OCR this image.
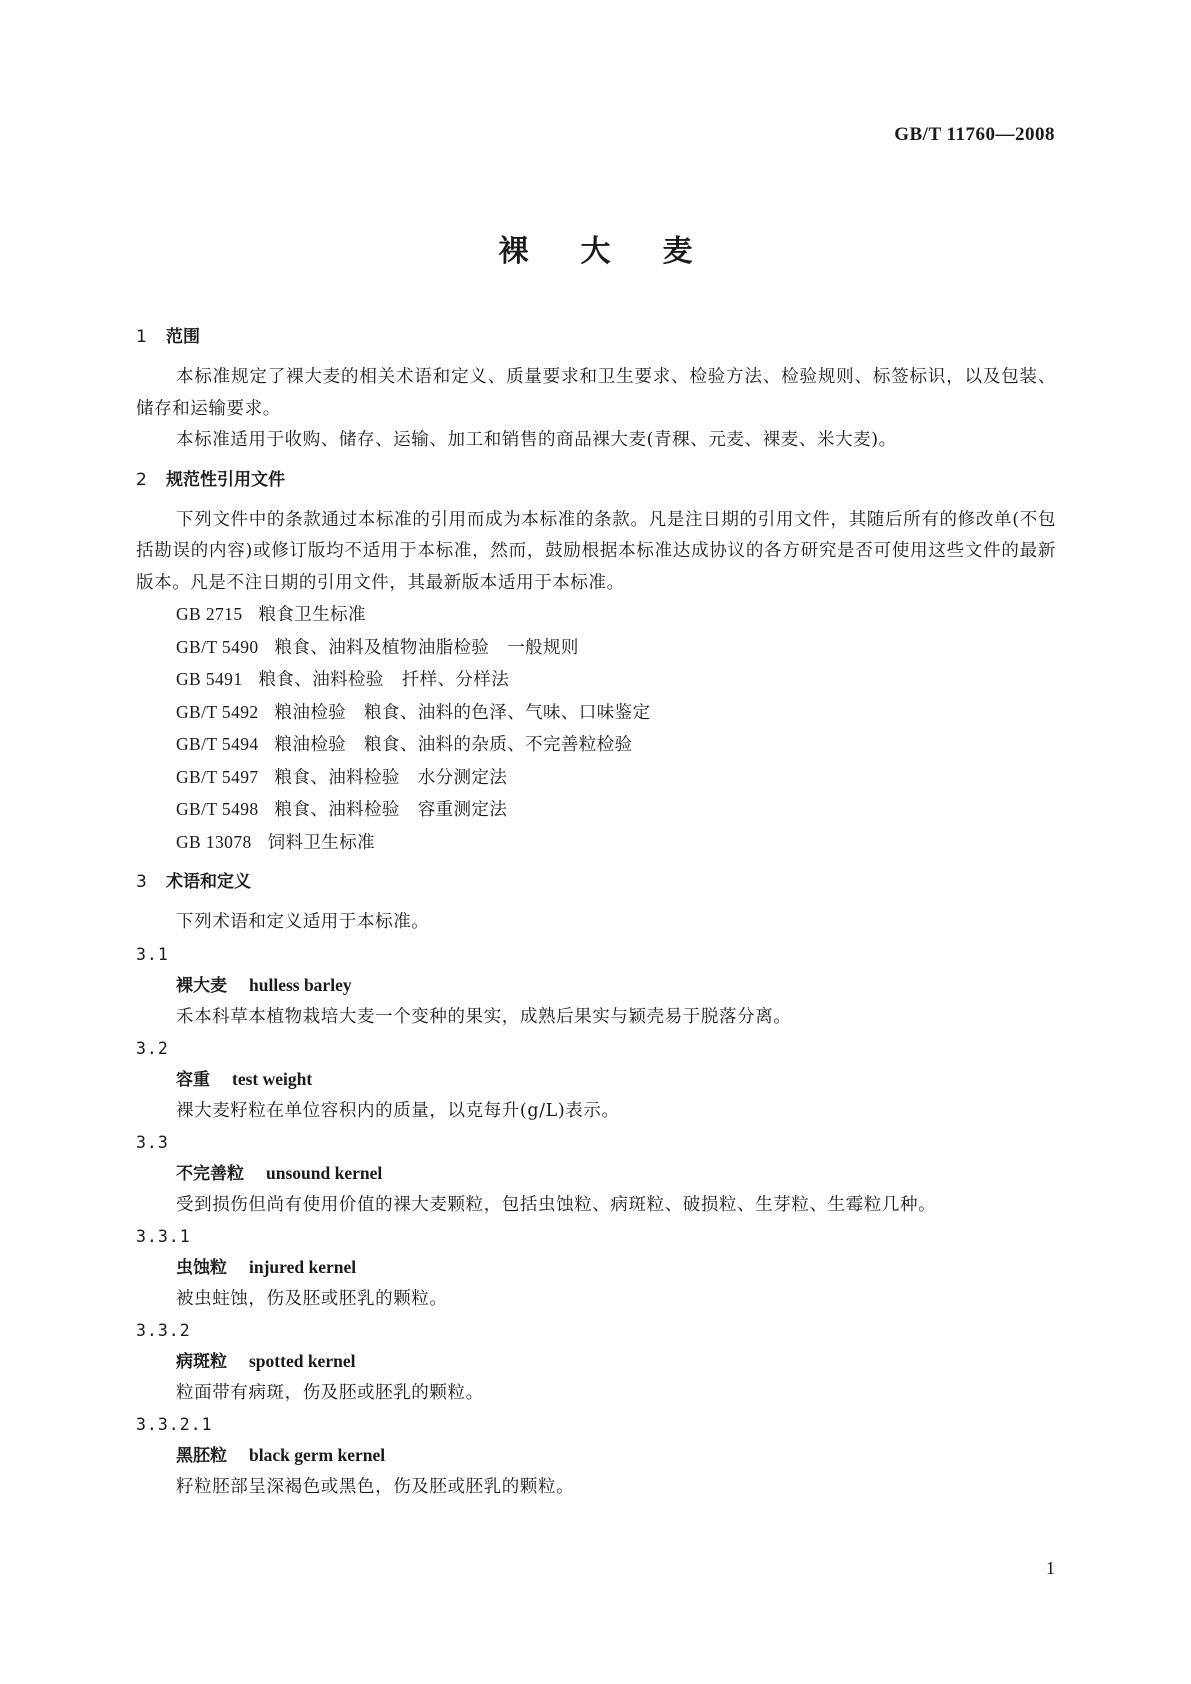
GB/T 11760—2008
裸大麦
1 范围
本标准规定了裸大麦的相关术语和定义、质量要求和卫生要求、检验方法、检验规则、标签标识，以及包装、储存和运输要求。
本标准适用于收购、储存、运输、加工和销售的商品裸大麦(青稞、元麦、裸麦、米大麦)。
2 规范性引用文件
下列文件中的条款通过本标准的引用而成为本标准的条款。凡是注日期的引用文件，其随后所有的修改单(不包括勘误的内容)或修订版均不适用于本标准，然而，鼓励根据本标准达成协议的各方研究是否可使用这些文件的最新版本。凡是不注日期的引用文件，其最新版本适用于本标准。
GB 2715 粮食卫生标准
GB/T 5490 粮食、油料及植物油脂检验　一般规则
GB 5491 粮食、油料检验　扦样、分样法
GB/T 5492 粮油检验　粮食、油料的色泽、气味、口味鉴定
GB/T 5494 粮油检验　粮食、油料的杂质、不完善粒检验
GB/T 5497 粮食、油料检验　水分测定法
GB/T 5498 粮食、油料检验　容重测定法
GB 13078 饲料卫生标准
3 术语和定义
下列术语和定义适用于本标准。
3.1
裸大麦 hulless barley
禾本科草本植物栽培大麦一个变种的果实，成熟后果实与颖壳易于脱落分离。
3.2
容重 test weight
裸大麦籽粒在单位容积内的质量，以克每升(g/L)表示。
3.3
不完善粒 unsound kernel
受到损伤但尚有使用价值的裸大麦颗粒，包括虫蚀粒、病斑粒、破损粒、生芽粒、生霉粒几种。
3.3.1
虫蚀粒 injured kernel
被虫蛀蚀，伤及胚或胚乳的颗粒。
3.3.2
病斑粒 spotted kernel
粒面带有病斑，伤及胚或胚乳的颗粒。
3.3.2.1
黑胚粒 black germ kernel
籽粒胚部呈深褐色或黑色，伤及胚或胚乳的颗粒。
1
